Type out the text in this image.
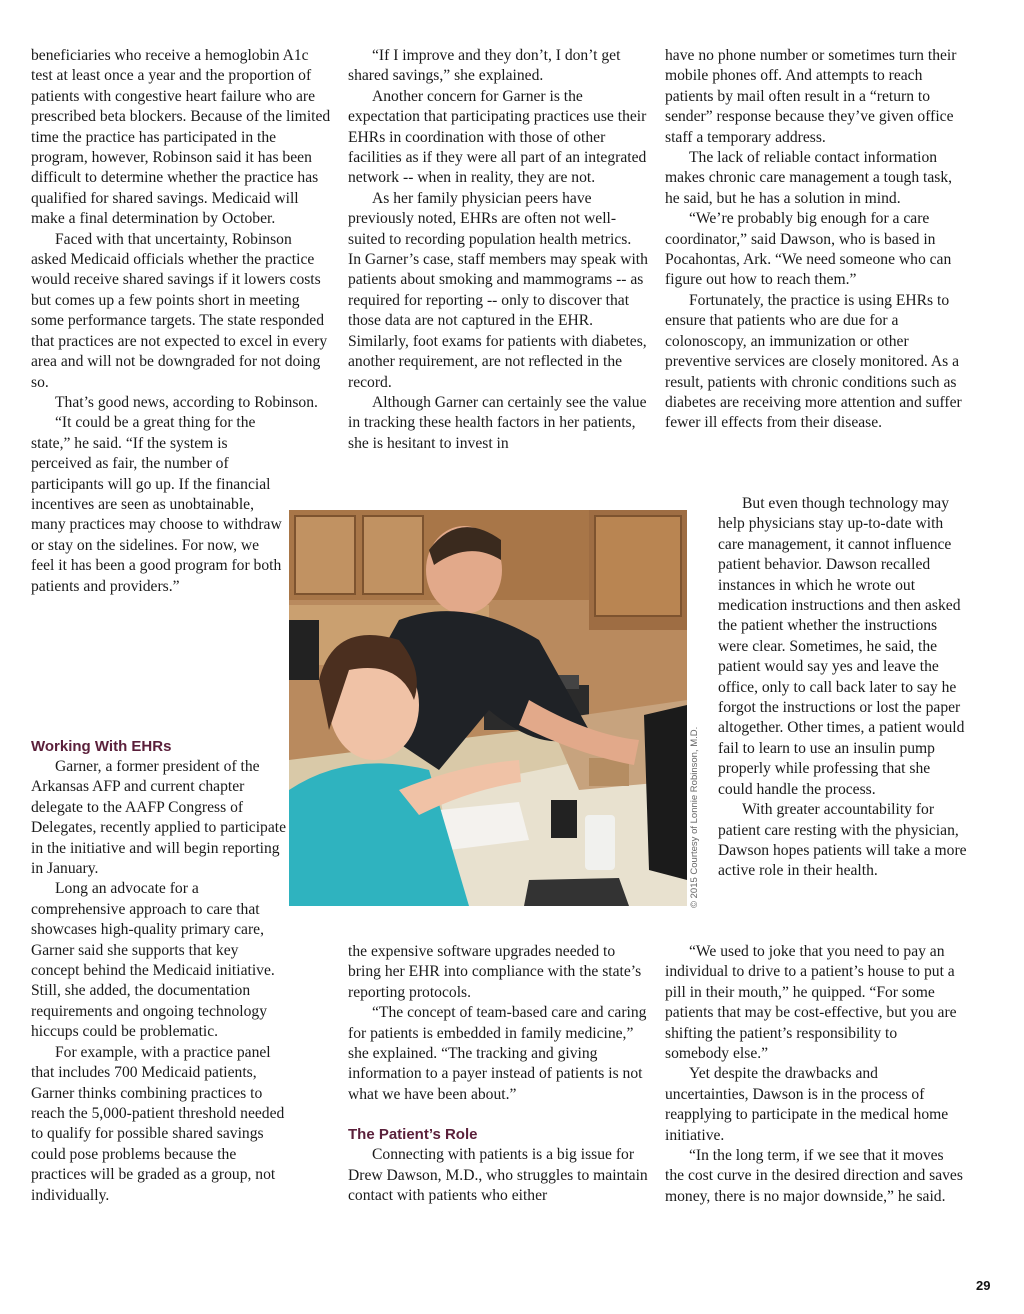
beneficiaries who receive a hemoglobin A1c test at least once a year and the proportion of patients with congestive heart failure who are prescribed beta blockers. Because of the limited time the practice has participated in the program, however, Robinson said it has been difficult to determine whether the practice has qualified for shared savings. Medicaid will make a final determination by October.

Faced with that uncertainty, Robinson asked Medicaid officials whether the practice would receive shared savings if it lowers costs but comes up a few points short in meeting some performance targets. The state responded that practices are not expected to excel in every area and will not be downgraded for not doing so.

That’s good news, according to Robinson.

“It could be a great thing for the state,” he said. “If the system is perceived as fair, the number of participants will go up. If the financial incentives are seen as unobtainable, many practices may choose to withdraw or stay on the sidelines. For now, we feel it has been a good program for both patients and providers.”

Working With EHRs

Garner, a former president of the Arkansas AFP and current chapter delegate to the AAFP Congress of Delegates, recently applied to participate in the initiative and will begin reporting in January.

Long an advocate for a comprehensive approach to care that showcases high-quality primary care, Garner said she supports that key concept behind the Medicaid initiative. Still, she added, the documentation requirements and ongoing technology hiccups could be problematic.

For example, with a practice panel that includes 700 Medicaid patients, Garner thinks combining practices to reach the 5,000-patient threshold needed to qualify for possible shared savings could pose problems because the practices will be graded as a group, not individually.

“If I improve and they don’t, I don’t get shared savings,” she explained.

Another concern for Garner is the expectation that participating practices use their EHRs in coordination with those of other facilities as if they were all part of an integrated network -- when in reality, they are not.

As her family physician peers have previously noted, EHRs are often not well-suited to recording population health metrics. In Garner’s case, staff members may speak with patients about smoking and mammograms -- as required for reporting -- only to discover that those data are not captured in the EHR. Similarly, foot exams for patients with diabetes, another requirement, are not reflected in the record.

Although Garner can certainly see the value in tracking these health factors in her patients, she is hesitant to invest in

the expensive software upgrades needed to bring her EHR into compliance with the state’s reporting protocols.

“The concept of team-based care and caring for patients is embedded in family medicine,” she explained. “The tracking and giving information to a payer instead of patients is not what we have been about.”

The Patient’s Role

Connecting with patients is a big issue for Drew Dawson, M.D., who struggles to maintain contact with patients who either

have no phone number or sometimes turn their mobile phones off. And attempts to reach patients by mail often result in a “return to sender” response because they’ve given office staff a temporary address.

The lack of reliable contact information makes chronic care management a tough task, he said, but he has a solution in mind.

“We’re probably big enough for a care coordinator,” said Dawson, who is based in Pocahontas, Ark. “We need someone who can figure out how to reach them.”

Fortunately, the practice is using EHRs to ensure that patients who are due for a colonoscopy, an immunization or other preventive services are closely monitored. As a result, patients with chronic conditions such as diabetes are receiving more attention and suffer fewer ill effects from their disease.

But even though technology may help physicians stay up-to-date with care management, it cannot influence patient behavior. Dawson recalled instances in which he wrote out medication instructions and then asked the patient whether the instructions were clear. Sometimes, he said, the patient would say yes and leave the office, only to call back later to say he forgot the instructions or lost the paper altogether. Other times, a patient would fail to learn to use an insulin pump properly while professing that she could handle the process.

With greater accountability for patient care resting with the physician, Dawson hopes patients will take a more active role in their health.

“We used to joke that you need to pay an individual to drive to a patient’s house to put a pill in their mouth,” he quipped. “For some patients that may be cost-effective, but you are shifting the patient’s responsibility to somebody else.”

Yet despite the drawbacks and uncertainties, Dawson is in the process of reapplying to participate in the medical home initiative.

“In the long term, if we see that it moves the cost curve in the desired direction and saves money, there is no major downside,” he said.

© 2015 Courtesy of Lonnie Robinson, M.D.
29
